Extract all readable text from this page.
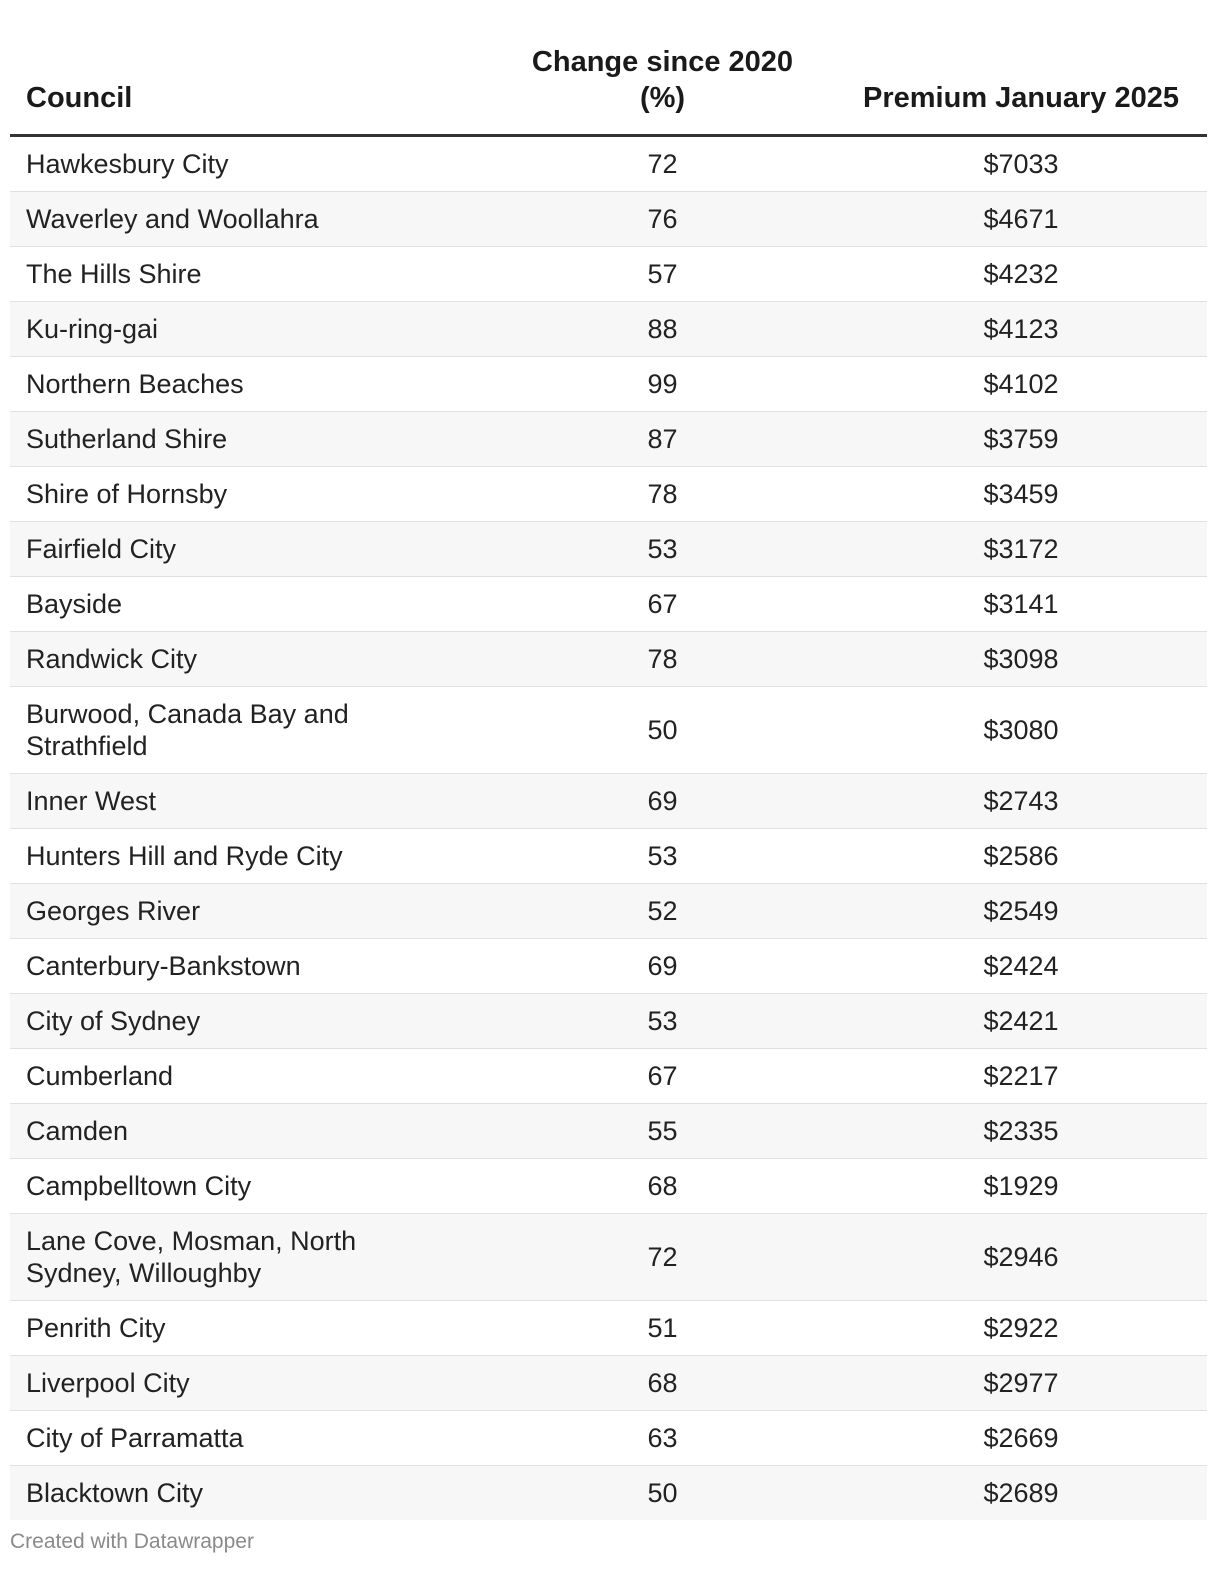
Council	Change since 2020 (%)	Premium January 2025
Hawkesbury City	72	$7033
Waverley and Woollahra	76	$4671
The Hills Shire	57	$4232
Ku-ring-gai	88	$4123
Northern Beaches	99	$4102
Sutherland Shire	87	$3759
Shire of Hornsby	78	$3459
Fairfield City	53	$3172
Bayside	67	$3141
Randwick City	78	$3098
Burwood, Canada Bay and Strathfield	50	$3080
Inner West	69	$2743
Hunters Hill and Ryde City	53	$2586
Georges River	52	$2549
Canterbury-Bankstown	69	$2424
City of Sydney	53	$2421
Cumberland	67	$2217
Camden	55	$2335
Campbelltown City	68	$1929
Lane Cove, Mosman, North Sydney, Willoughby	72	$2946
Penrith City	51	$2922
Liverpool City	68	$2977
City of Parramatta	63	$2669
Blacktown City	50	$2689
Created with Datawrapper
